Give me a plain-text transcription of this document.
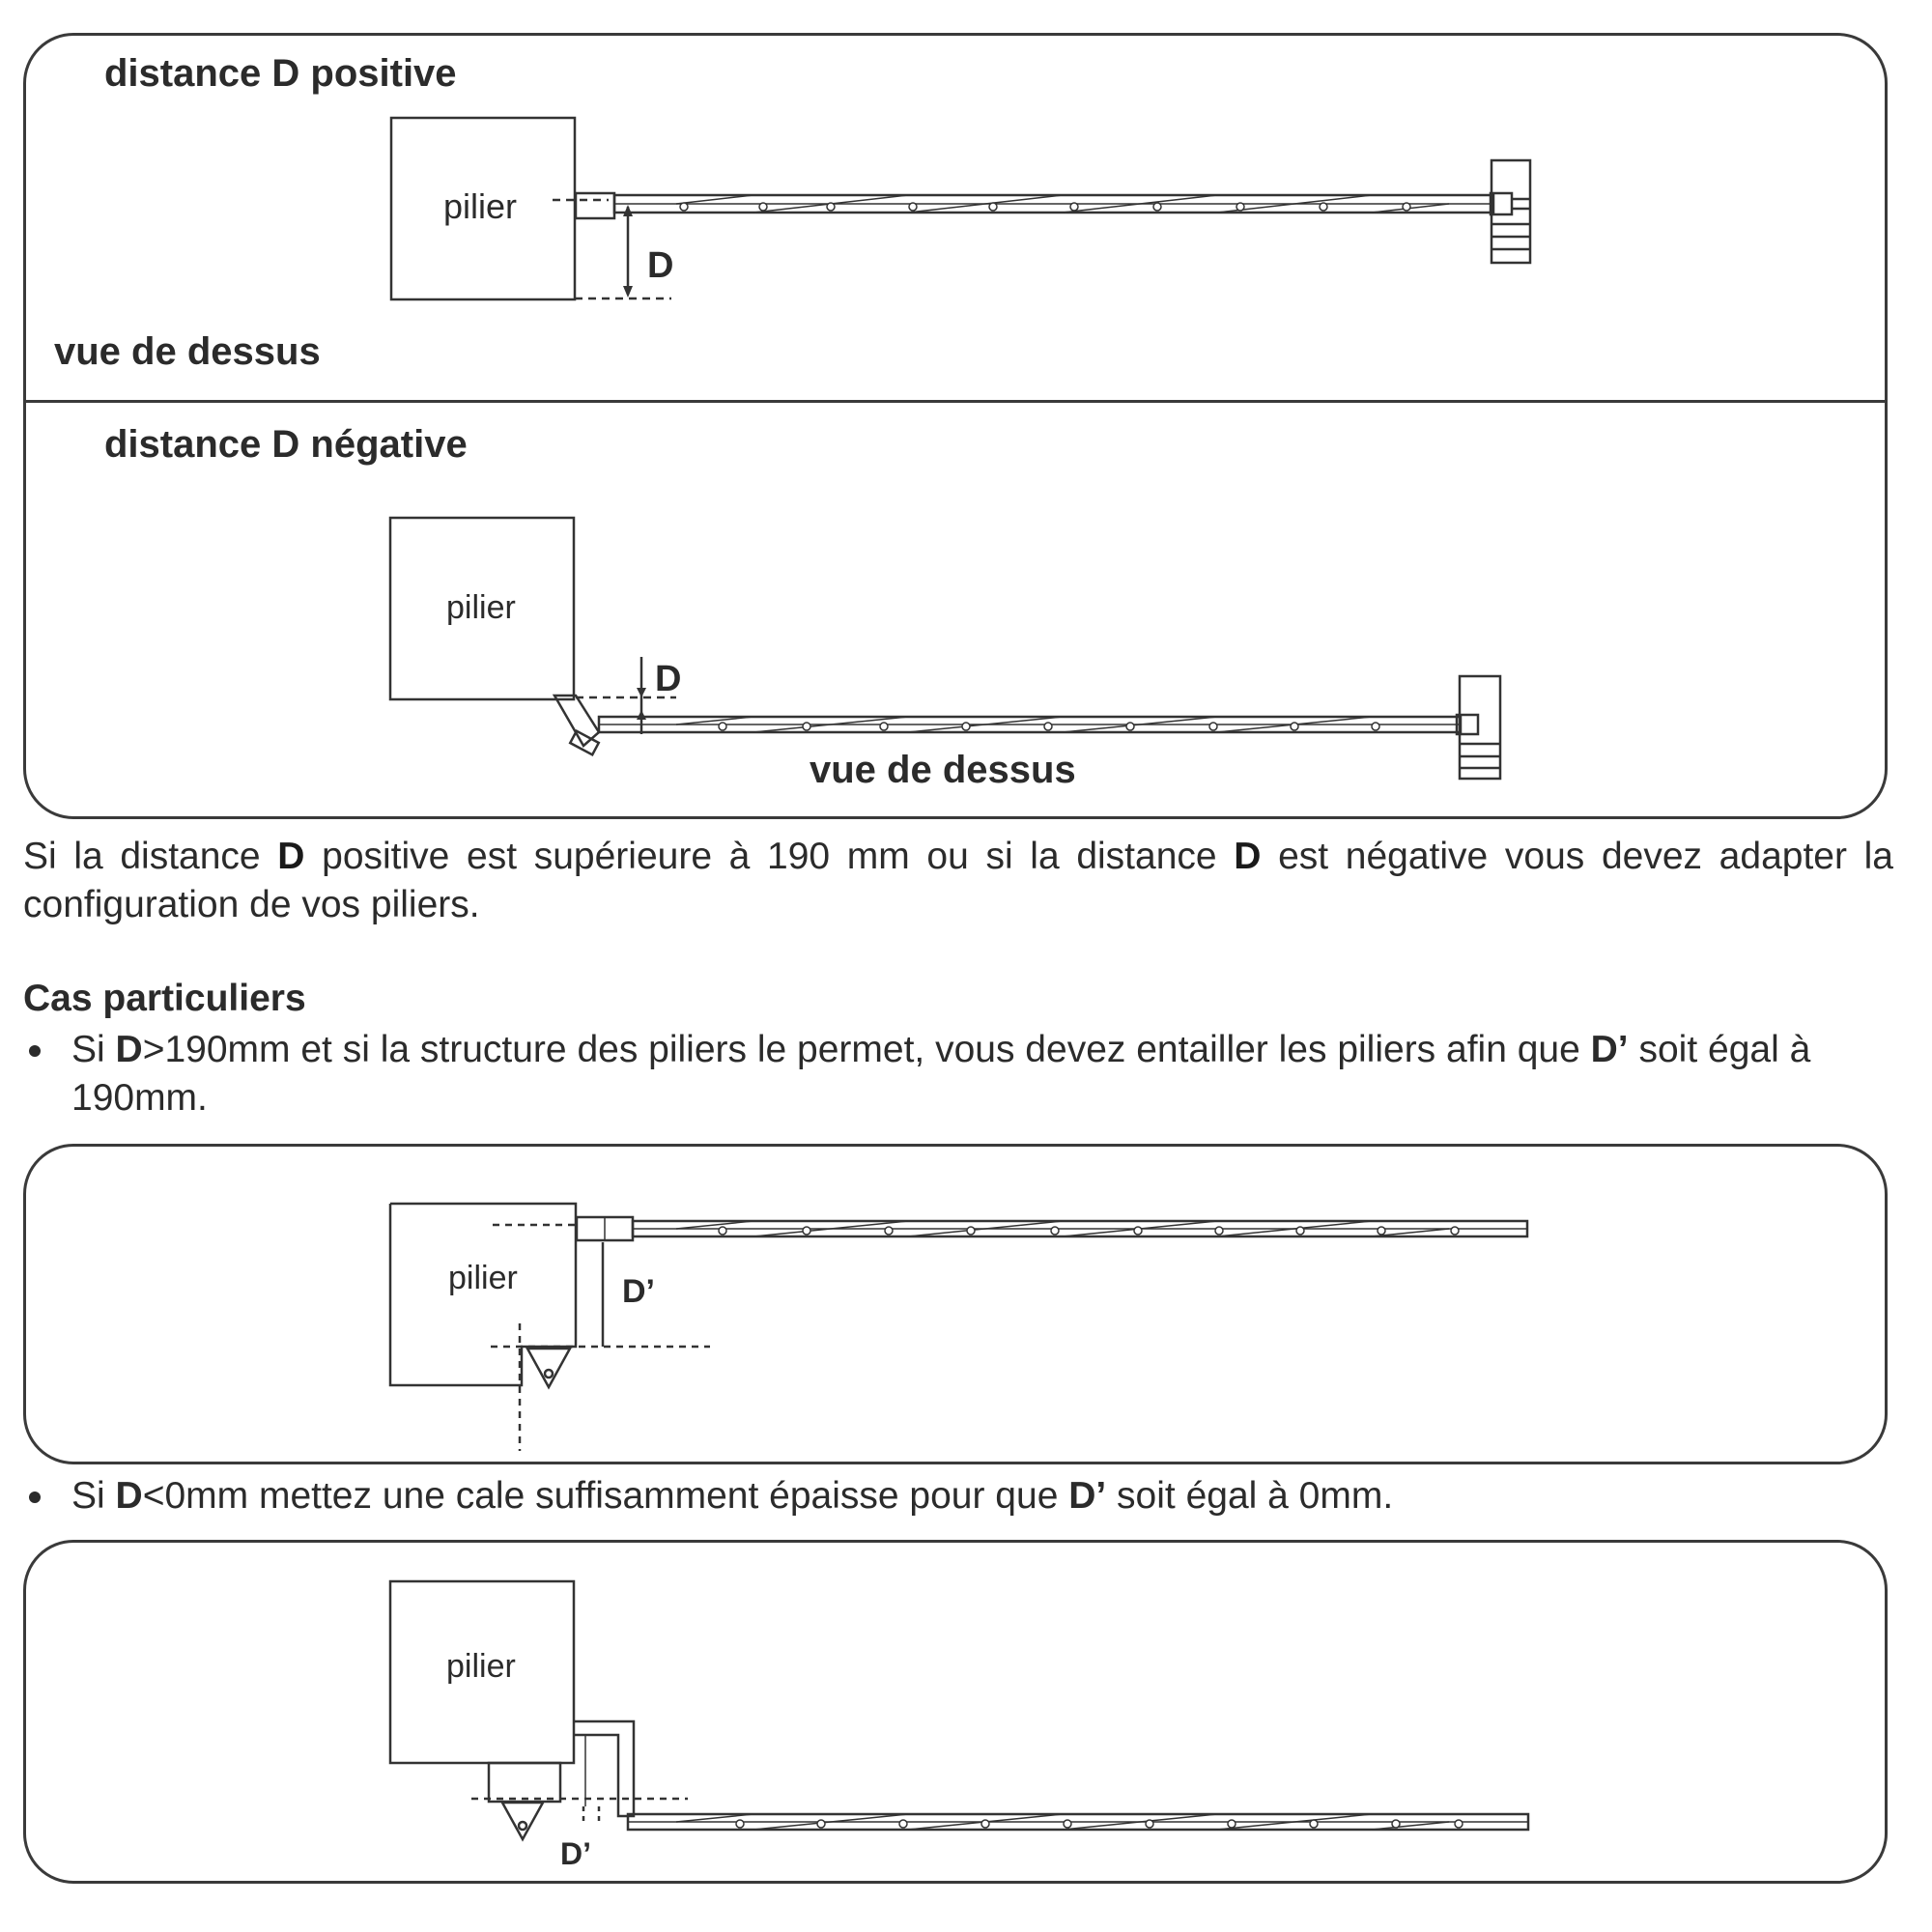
distance D positive
vue de dessus
distance D négative
vue de dessus
pilier
D
pilier
D
pilier	D’
pilier
D’
Si la distance D positive est supérieure à 190 mm ou si la distance D est négative vous devez adapter la configuration de vos piliers.
Cas particuliers
Si D>190mm et si la structure des piliers le permet, vous devez entailler les piliers afin que D’ soit égal à 190mm.
Si D<0mm mettez une cale suffisamment épaisse pour que D’ soit égal à 0mm.
